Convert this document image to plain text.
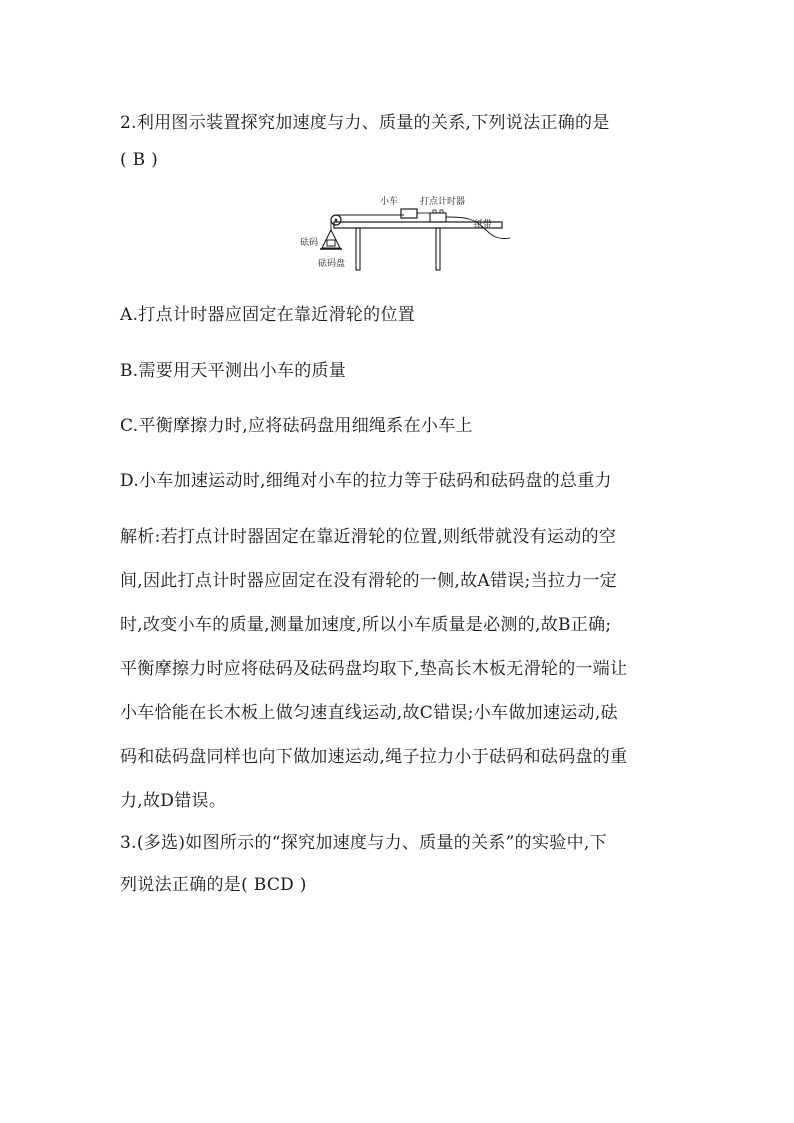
2.利用图示装置探究加速度与力、质量的关系,下列说法正确的是
( B )
小车 打点计时器
纸带
砝码
砝码盘
A.打点计时器应固定在靠近滑轮的位置
B.需要用天平测出小车的质量
C.平衡摩擦力时,应将砝码盘用细绳系在小车上
D.小车加速运动时,细绳对小车的拉力等于砝码和砝码盘的总重力
解析:若打点计时器固定在靠近滑轮的位置,则纸带就没有运动的空
间,因此打点计时器应固定在没有滑轮的一侧,故A错误;当拉力一定
时,改变小车的质量,测量加速度,所以小车质量是必测的,故B正确;
平衡摩擦力时应将砝码及砝码盘均取下,垫高长木板无滑轮的一端让
小车恰能在长木板上做匀速直线运动,故C错误;小车做加速运动,砝
码和砝码盘同样也向下做加速运动,绳子拉力小于砝码和砝码盘的重
力,故D错误。
3.(多选)如图所示的“探究加速度与力、质量的关系”的实验中,下
列说法正确的是( BCD )
